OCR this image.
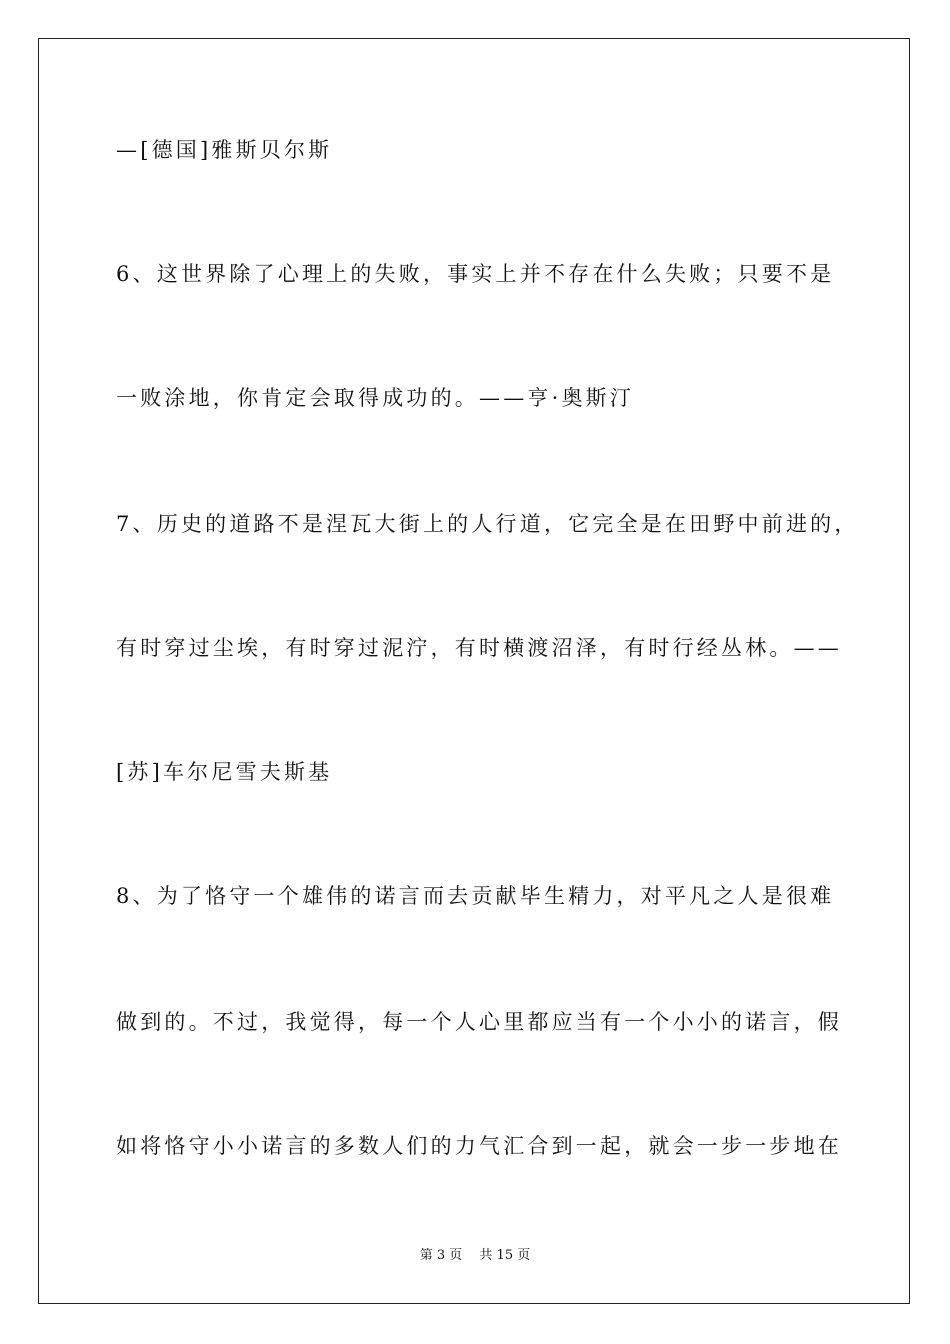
—[德国]雅斯贝尔斯
6、这世界除了心理上的失败，事实上并不存在什么失败；只要不是
一败涂地，你肯定会取得成功的。——亨·奥斯汀
7、历史的道路不是涅瓦大街上的人行道，它完全是在田野中前进的，
有时穿过尘埃，有时穿过泥泞，有时横渡沼泽，有时行经丛林。——
[苏]车尔尼雪夫斯基
8、为了恪守一个雄伟的诺言而去贡献毕生精力，对平凡之人是很难
做到的。不过，我觉得，每一个人心里都应当有一个小小的诺言，假
如将恪守小小诺言的多数人们的力气汇合到一起，就会一步一步地在
第 3 页　 共 15 页
